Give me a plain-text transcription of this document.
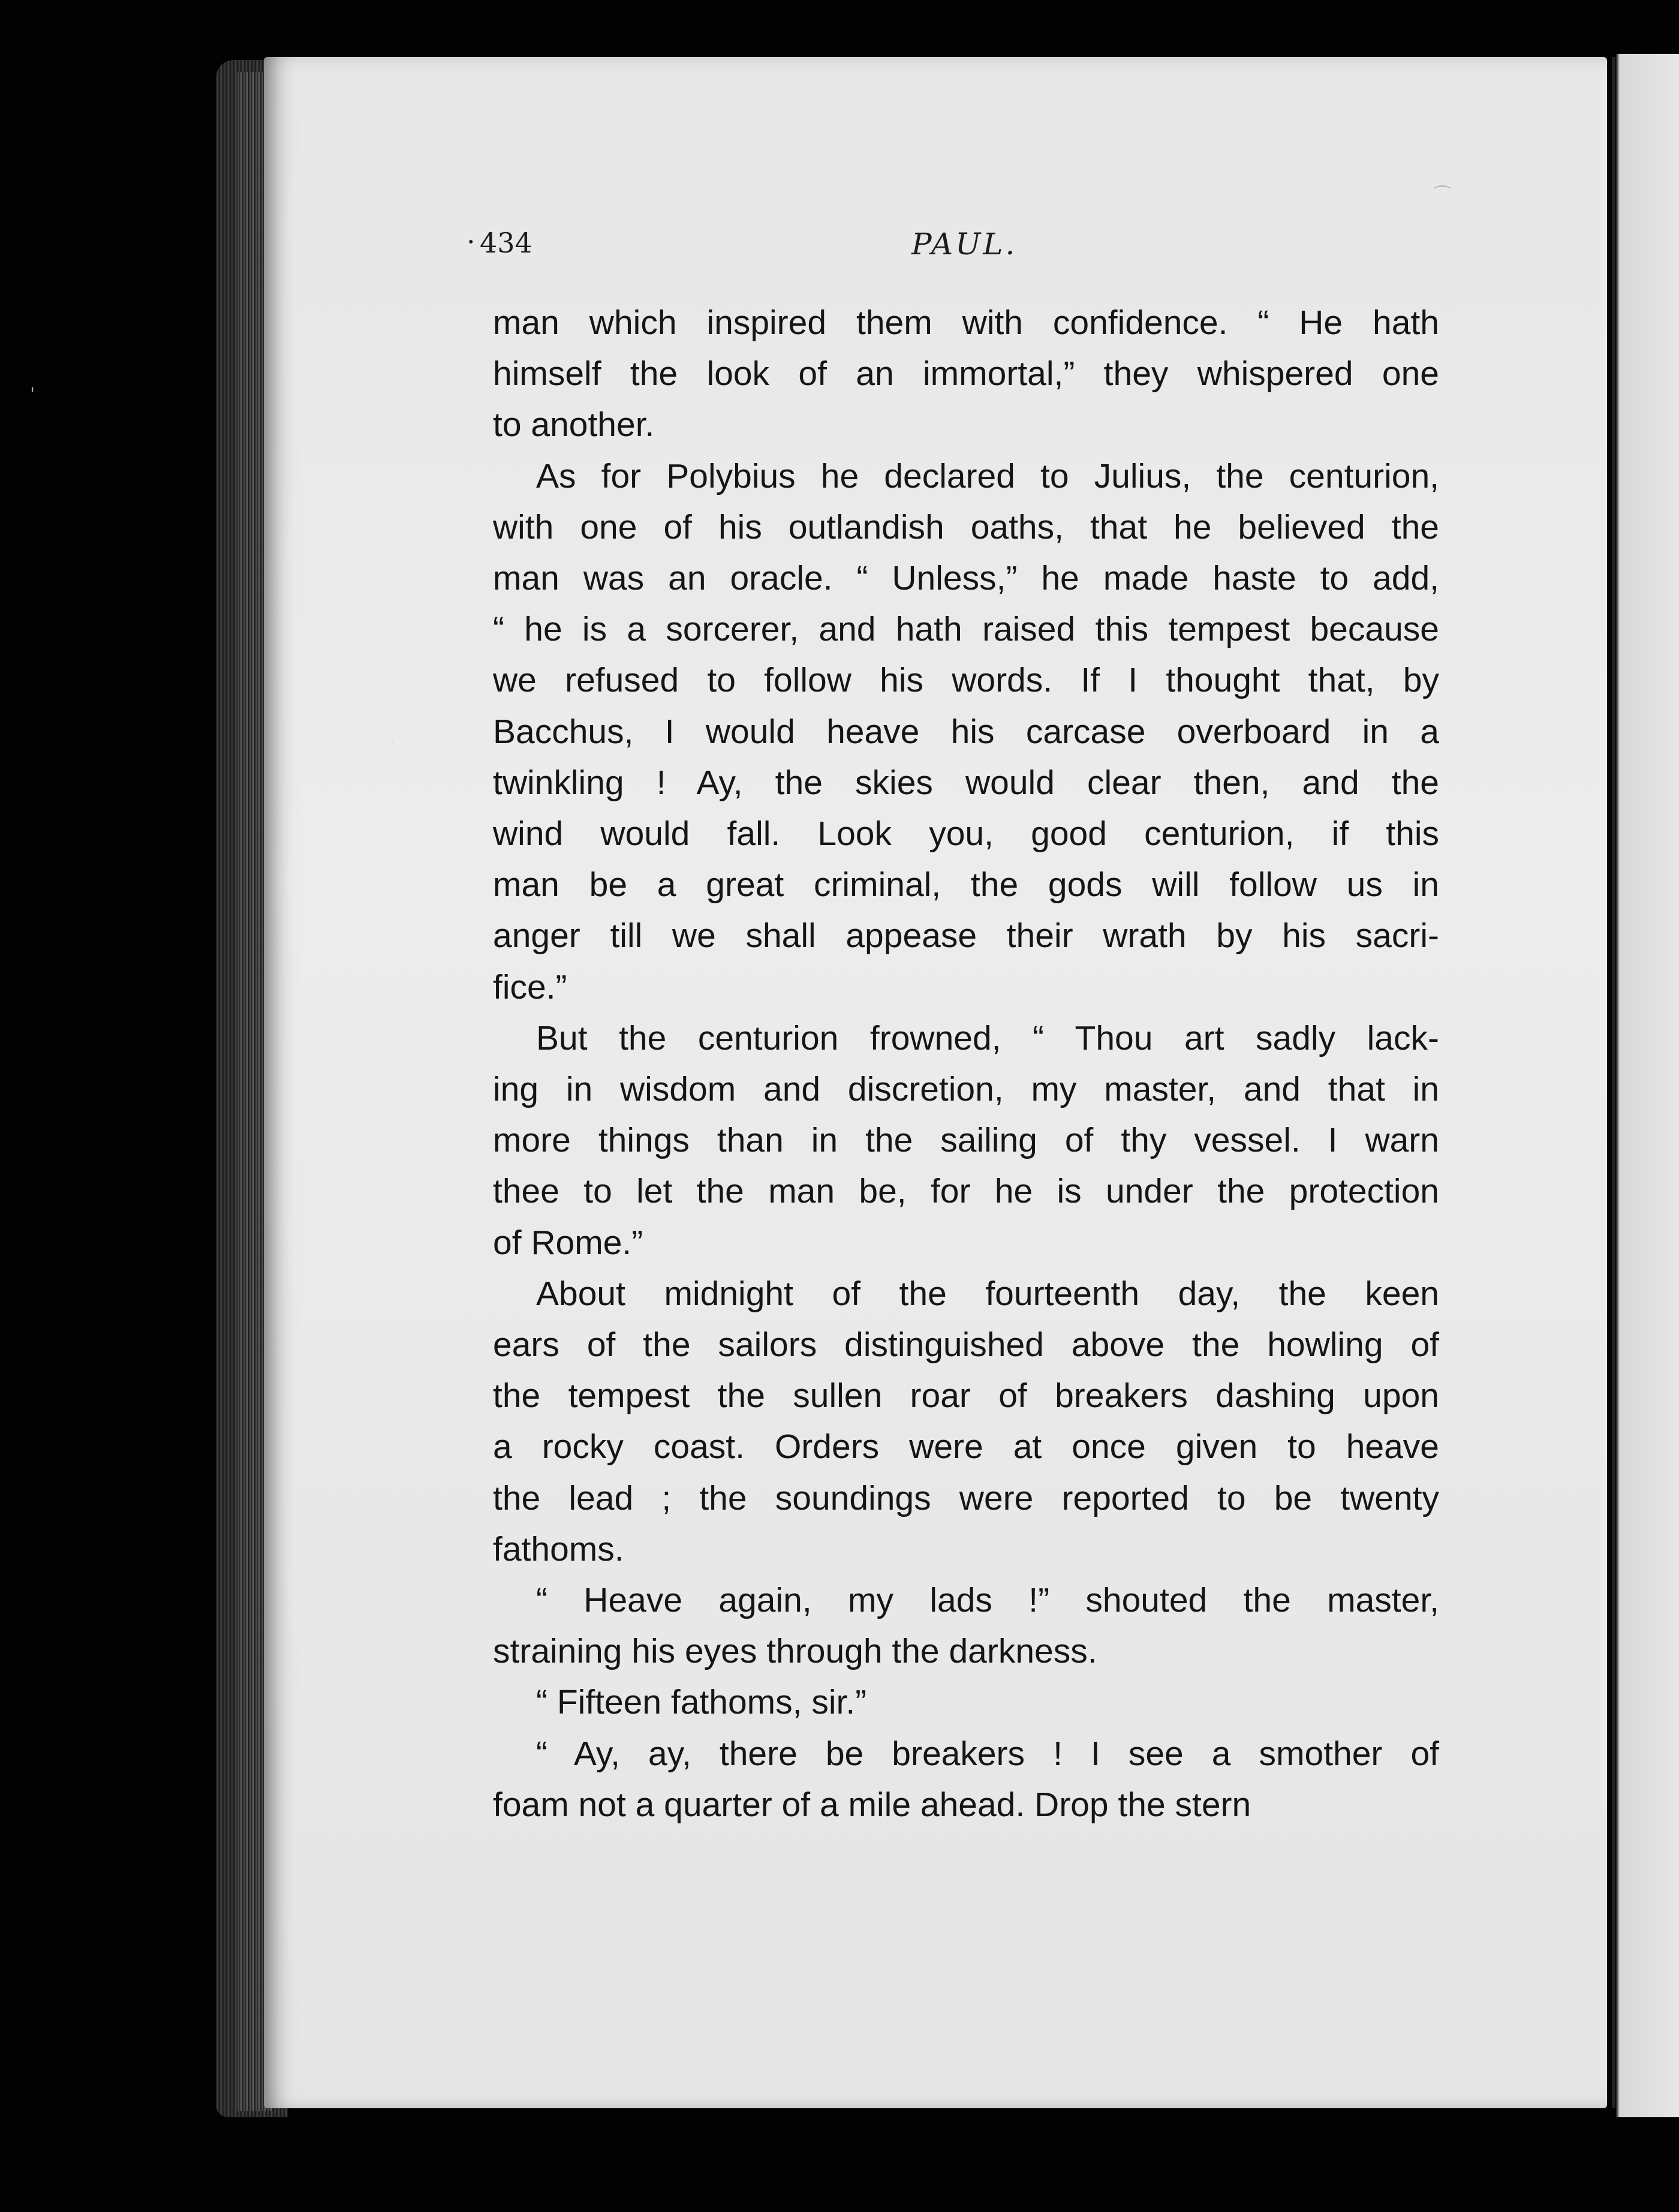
· 434	PAUL.

man which inspired them with confidence. “ He hath
himself the look of an immortal,” they whispered one
to another.

As for Polybius he declared to Julius, the centurion,
with one of his outlandish oaths, that he believed the
man was an oracle. “ Unless,” he made haste to add,
“ he is a sorcerer, and hath raised this tempest because
we refused to follow his words. If I thought that, by
Bacchus, I would heave his carcase overboard in a
twinkling ! Ay, the skies would clear then, and the
wind would fall. Look you, good centurion, if this
man be a great criminal, the gods will follow us in
anger till we shall appease their wrath by his sacri-
fice.”

But the centurion frowned, “ Thou art sadly lack-
ing in wisdom and discretion, my master, and that in
more things than in the sailing of thy vessel. I warn
thee to let the man be, for he is under the protection
of Rome.”

About midnight of the fourteenth day, the keen
ears of the sailors distinguished above the howling of
the tempest the sullen roar of breakers dashing upon
a rocky coast. Orders were at once given to heave
the lead ; the soundings were reported to be twenty
fathoms.

“ Heave again, my lads !” shouted the master,
straining his eyes through the darkness.

“ Fifteen fathoms, sir.”

“ Ay, ay, there be breakers ! I see a smother of
foam not a quarter of a mile ahead. Drop the stern

⌒
'
·
